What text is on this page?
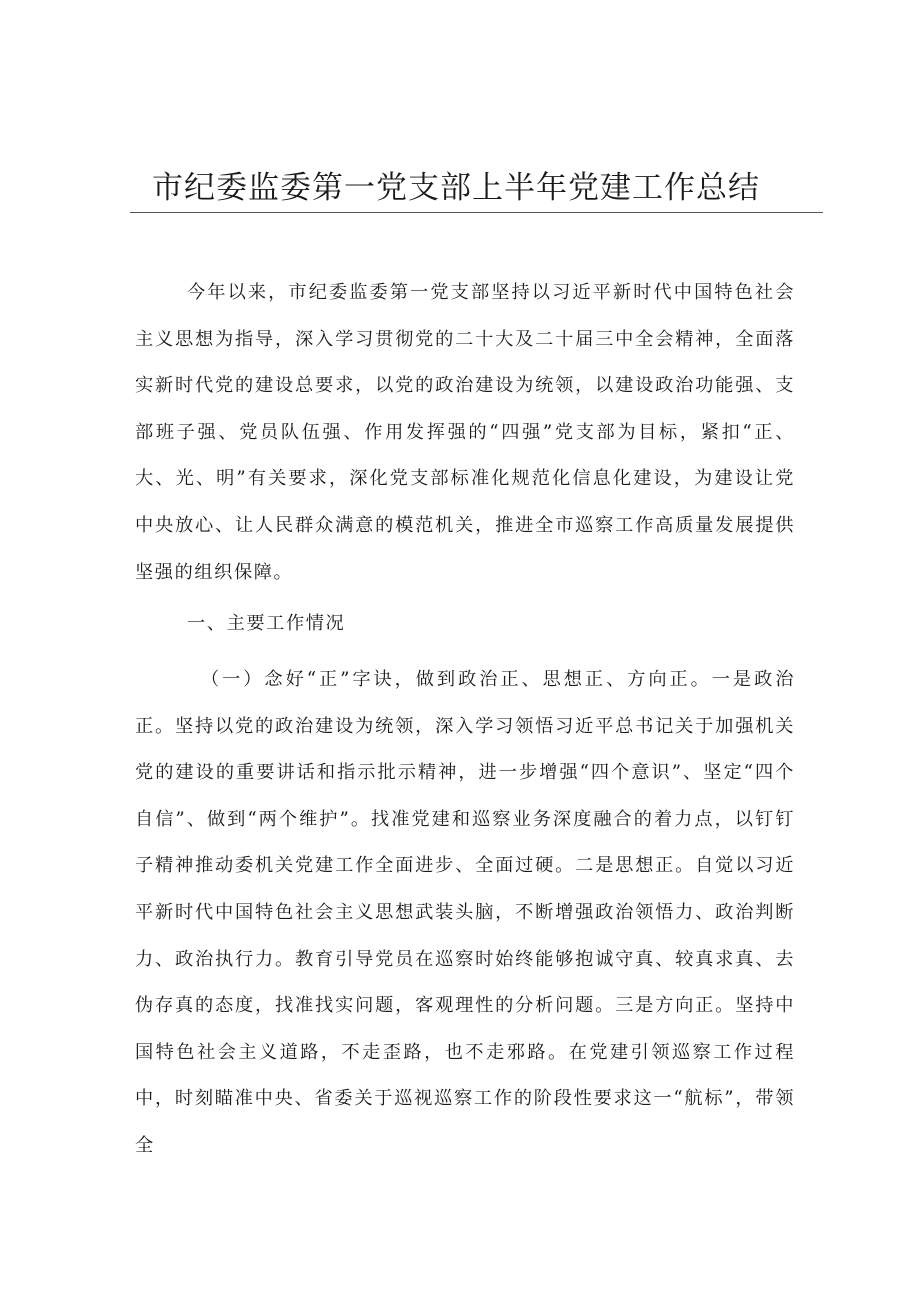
市纪委监委第一党支部上半年党建工作总结

今年以来，市纪委监委第一党支部坚持以习近平新时代中国特色社会主义思想为指导，深入学习贯彻党的二十大及二十届三中全会精神，全面落实新时代党的建设总要求，以党的政治建设为统领，以建设政治功能强、支部班子强、党员队伍强、作用发挥强的“四强”党支部为目标，紧扣“正、大、光、明”有关要求，深化党支部标准化规范化信息化建设，为建设让党中央放心、让人民群众满意的模范机关，推进全市巡察工作高质量发展提供坚强的组织保障。

一、主要工作情况

（一）念好“正”字诀，做到政治正、思想正、方向正。一是政治正。坚持以党的政治建设为统领，深入学习领悟习近平总书记关于加强机关党的建设的重要讲话和指示批示精神，进一步增强“四个意识”、坚定“四个自信”、做到“两个维护”。找准党建和巡察业务深度融合的着力点，以钉钉子精神推动委机关党建工作全面进步、全面过硬。二是思想正。自觉以习近平新时代中国特色社会主义思想武装头脑，不断增强政治领悟力、政治判断力、政治执行力。教育引导党员在巡察时始终能够抱诚守真、较真求真、去伪存真的态度，找准找实问题，客观理性的分析问题。三是方向正。坚持中国特色社会主义道路，不走歪路，也不走邪路。在党建引领巡察工作过程中，时刻瞄准中央、省委关于巡视巡察工作的阶段性要求这一“航标”，带领全
